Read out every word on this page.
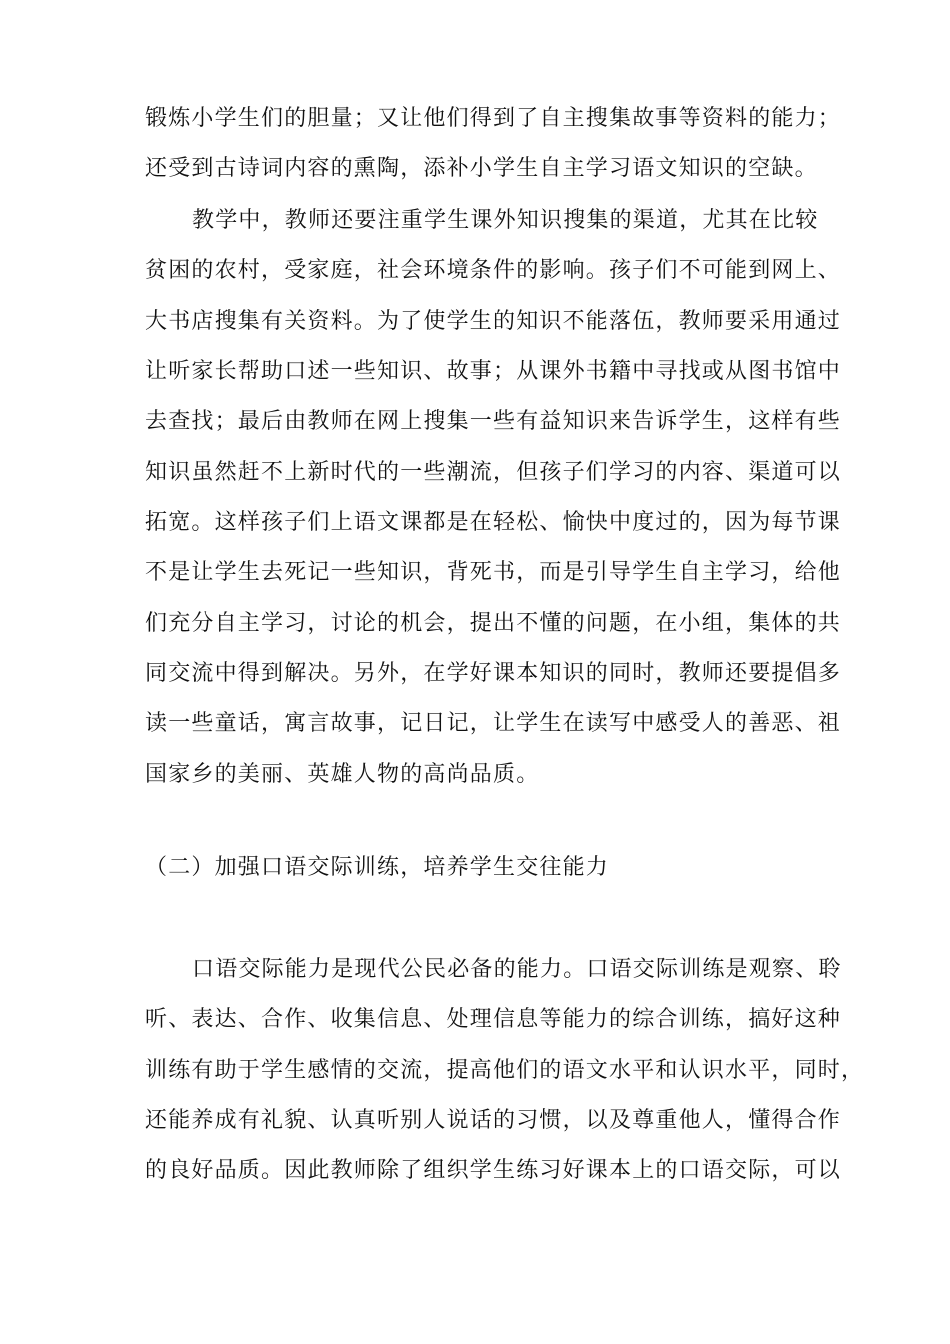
锻炼小学生们的胆量；又让他们得到了自主搜集故事等资料的能力；
还受到古诗词内容的熏陶，添补小学生自主学习语文知识的空缺。
教学中，教师还要注重学生课外知识搜集的渠道，尤其在比较
贫困的农村，受家庭，社会环境条件的影响。孩子们不可能到网上、
大书店搜集有关资料。为了使学生的知识不能落伍，教师要采用通过
让听家长帮助口述一些知识、故事；从课外书籍中寻找或从图书馆中
去查找；最后由教师在网上搜集一些有益知识来告诉学生，这样有些
知识虽然赶不上新时代的一些潮流，但孩子们学习的内容、渠道可以
拓宽。这样孩子们上语文课都是在轻松、愉快中度过的，因为每节课
不是让学生去死记一些知识，背死书，而是引导学生自主学习，给他
们充分自主学习，讨论的机会，提出不懂的问题，在小组，集体的共
同交流中得到解决。另外，在学好课本知识的同时，教师还要提倡多
读一些童话，寓言故事，记日记，让学生在读写中感受人的善恶、祖
国家乡的美丽、英雄人物的高尚品质。
（二）加强口语交际训练，培养学生交往能力
口语交际能力是现代公民必备的能力。口语交际训练是观察、聆
听、表达、合作、收集信息、处理信息等能力的综合训练，搞好这种
训练有助于学生感情的交流，提高他们的语文水平和认识水平，同时，
还能养成有礼貌、认真听别人说话的习惯，以及尊重他人，懂得合作
的良好品质。因此教师除了组织学生练习好课本上的口语交际，可以
